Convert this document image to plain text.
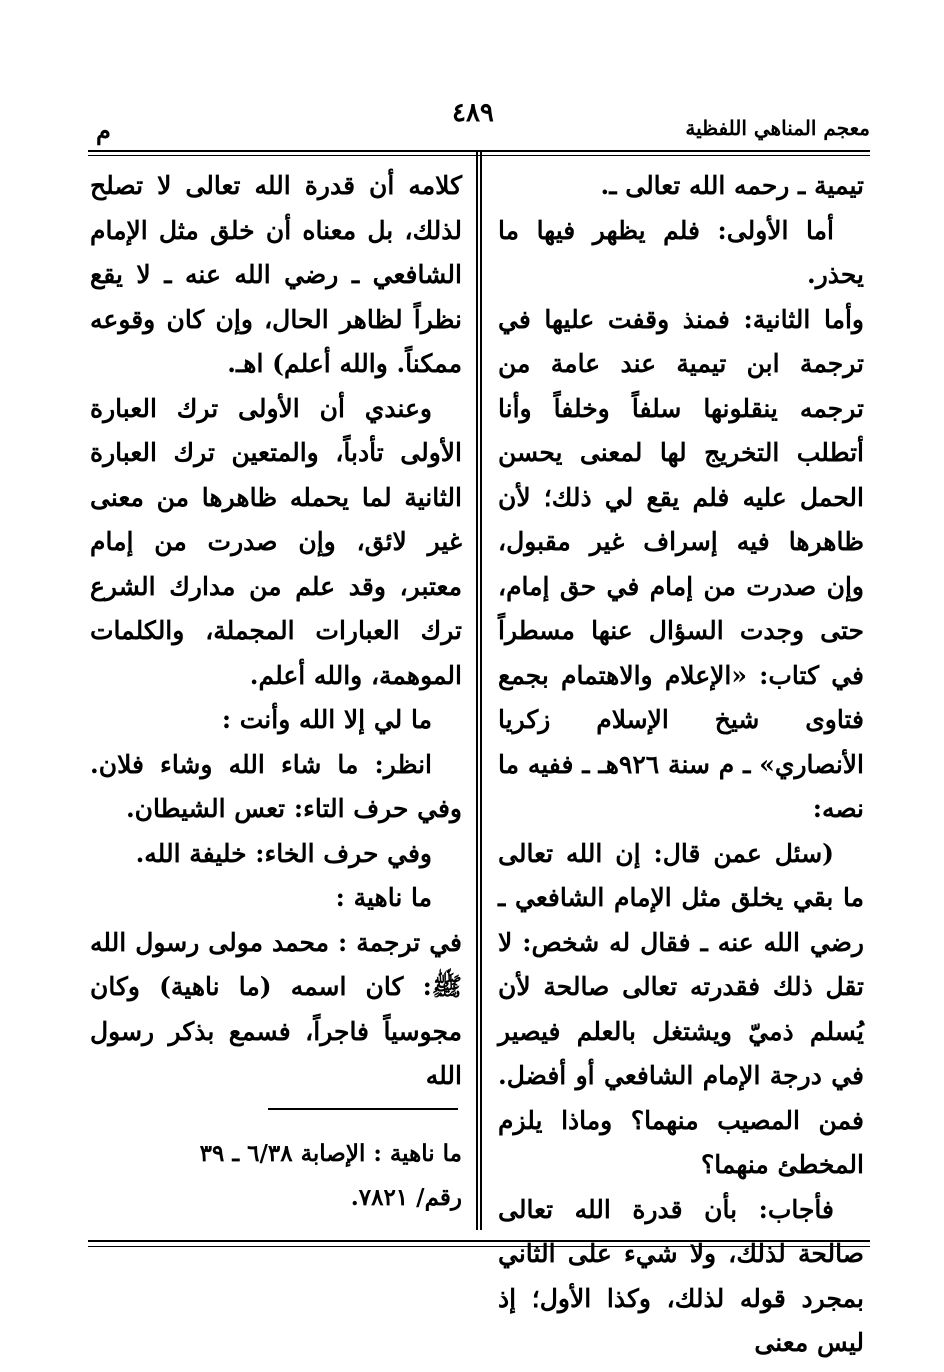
معجم المناهي اللفظية
٤٨٩
م

تيمية ـ رحمه الله تعالى ـ.

أما الأولى: فلم يظهر فيها ما يحذر.

وأما الثانية: فمنذ وقفت عليها في ترجمة ابن تيمية عند عامة من ترجمه ينقلونها سلفاً وخلفاً وأنا أتطلب التخريج لها لمعنى يحسن الحمل عليه فلم يقع لي ذلك؛ لأن ظاهرها فيه إسراف غير مقبول، وإن صدرت من إمام في حق إمام، حتى وجدت السؤال عنها مسطراً في كتاب: «الإعلام والاهتمام بجمع فتاوى شيخ الإسلام زكريا الأنصاري» ـ م سنة ٩٢٦هـ ـ ففيه ما نصه:

(سئل عمن قال: إن الله تعالى ما بقي يخلق مثل الإمام الشافعي ـ رضي الله عنه ـ فقال له شخص: لا تقل ذلك فقدرته تعالى صالحة لأن يُسلم ذميّ ويشتغل بالعلم فيصير في درجة الإمام الشافعي أو أفضل. فمن المصيب منهما؟ وماذا يلزم المخطئ منهما؟

فأجاب: بأن قدرة الله تعالى صالحة لذلك، ولا شيء على الثاني بمجرد قوله لذلك، وكذا الأول؛ إذ ليس معنى

كلامه أن قدرة الله تعالى لا تصلح لذلك، بل معناه أن خلق مثل الإمام الشافعي ـ رضي الله عنه ـ لا يقع نظراً لظاهر الحال، وإن كان وقوعه ممكناً. والله أعلم) اهـ.

وعندي أن الأولى ترك العبارة الأولى تأدباً، والمتعين ترك العبارة الثانية لما يحمله ظاهرها من معنى غير لائق، وإن صدرت من إمام معتبر، وقد علم من مدارك الشرع ترك العبارات المجملة، والكلمات الموهمة، والله أعلم.

ما لي إلا الله وأنت :

انظر: ما شاء الله وشاء فلان. وفي حرف التاء: تعس الشيطان.

وفي حرف الخاء: خليفة الله.

ما ناهية :

في ترجمة : محمد مولى رسول الله ﷺ: كان اسمه (ما ناهية) وكان مجوسياً فاجراً، فسمع بذكر رسول الله

ما ناهية : الإصابة ٦/٣٨ ـ ٣٩

رقم/ ٧٨٢١.
